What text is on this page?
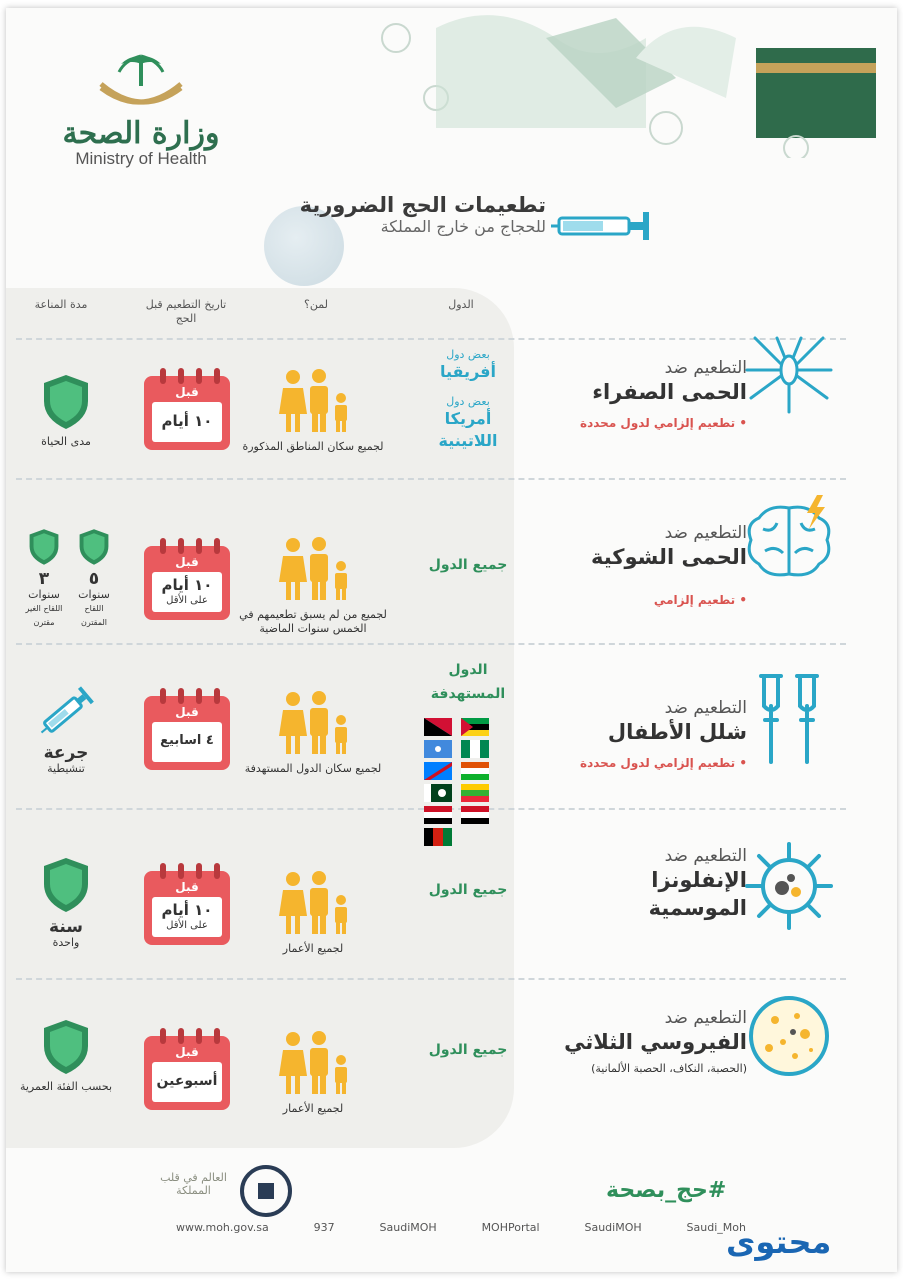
وزارة الصحة
Ministry of Health
تطعيمات الحج الضرورية
للحجاج من خارج المملكة
الدول
لمن؟
تاريخ التطعيم قبل الحج
مدة المناعة
التطعيم ضد
الحمى الصفراء
• تطعيم إلزامي لدول محددة
بعض دول
أفريقيا
بعض دول
أمريكا اللاتينية
لجميع سكان المناطق المذكورة
قبل
١٠ أيام
مدى الحياة
التطعيم ضد
الحمى الشوكية
• تطعيم إلزامي
جميع الدول
لجميع من لم يسبق تطعيمهم في الخمس سنوات الماضية
قبل
١٠ أيام
على الأقل
٥
سنوات
اللقاح المقترن
٣
سنوات
اللقاح الغير مقترن
التطعيم ضد
شلل الأطفال
• تطعيم إلزامي لدول محددة
الدول المستهدفة

لجميع سكان الدول المستهدفة
قبل
٤ اسابيع
جرعة
تنشيطية
التطعيم ضد
الإنفلونزا الموسمية
جميع الدول
لجميع الأعمار
قبل
١٠ أيام
على الأقل
سنة
واحدة
التطعيم ضد
الفيروسي الثلاثي
(الحصبة، النكاف، الحصبة الألمانية)
جميع الدول
لجميع الأعمار
قبل
أسبوعين
بحسب الفئة العمرية
العالم في قلب المملكة	#حج_بصحة
www.moh.gov.sa	937	SaudiMOH	MOHPortal	SaudiMOH	Saudi_Moh
محتوى
